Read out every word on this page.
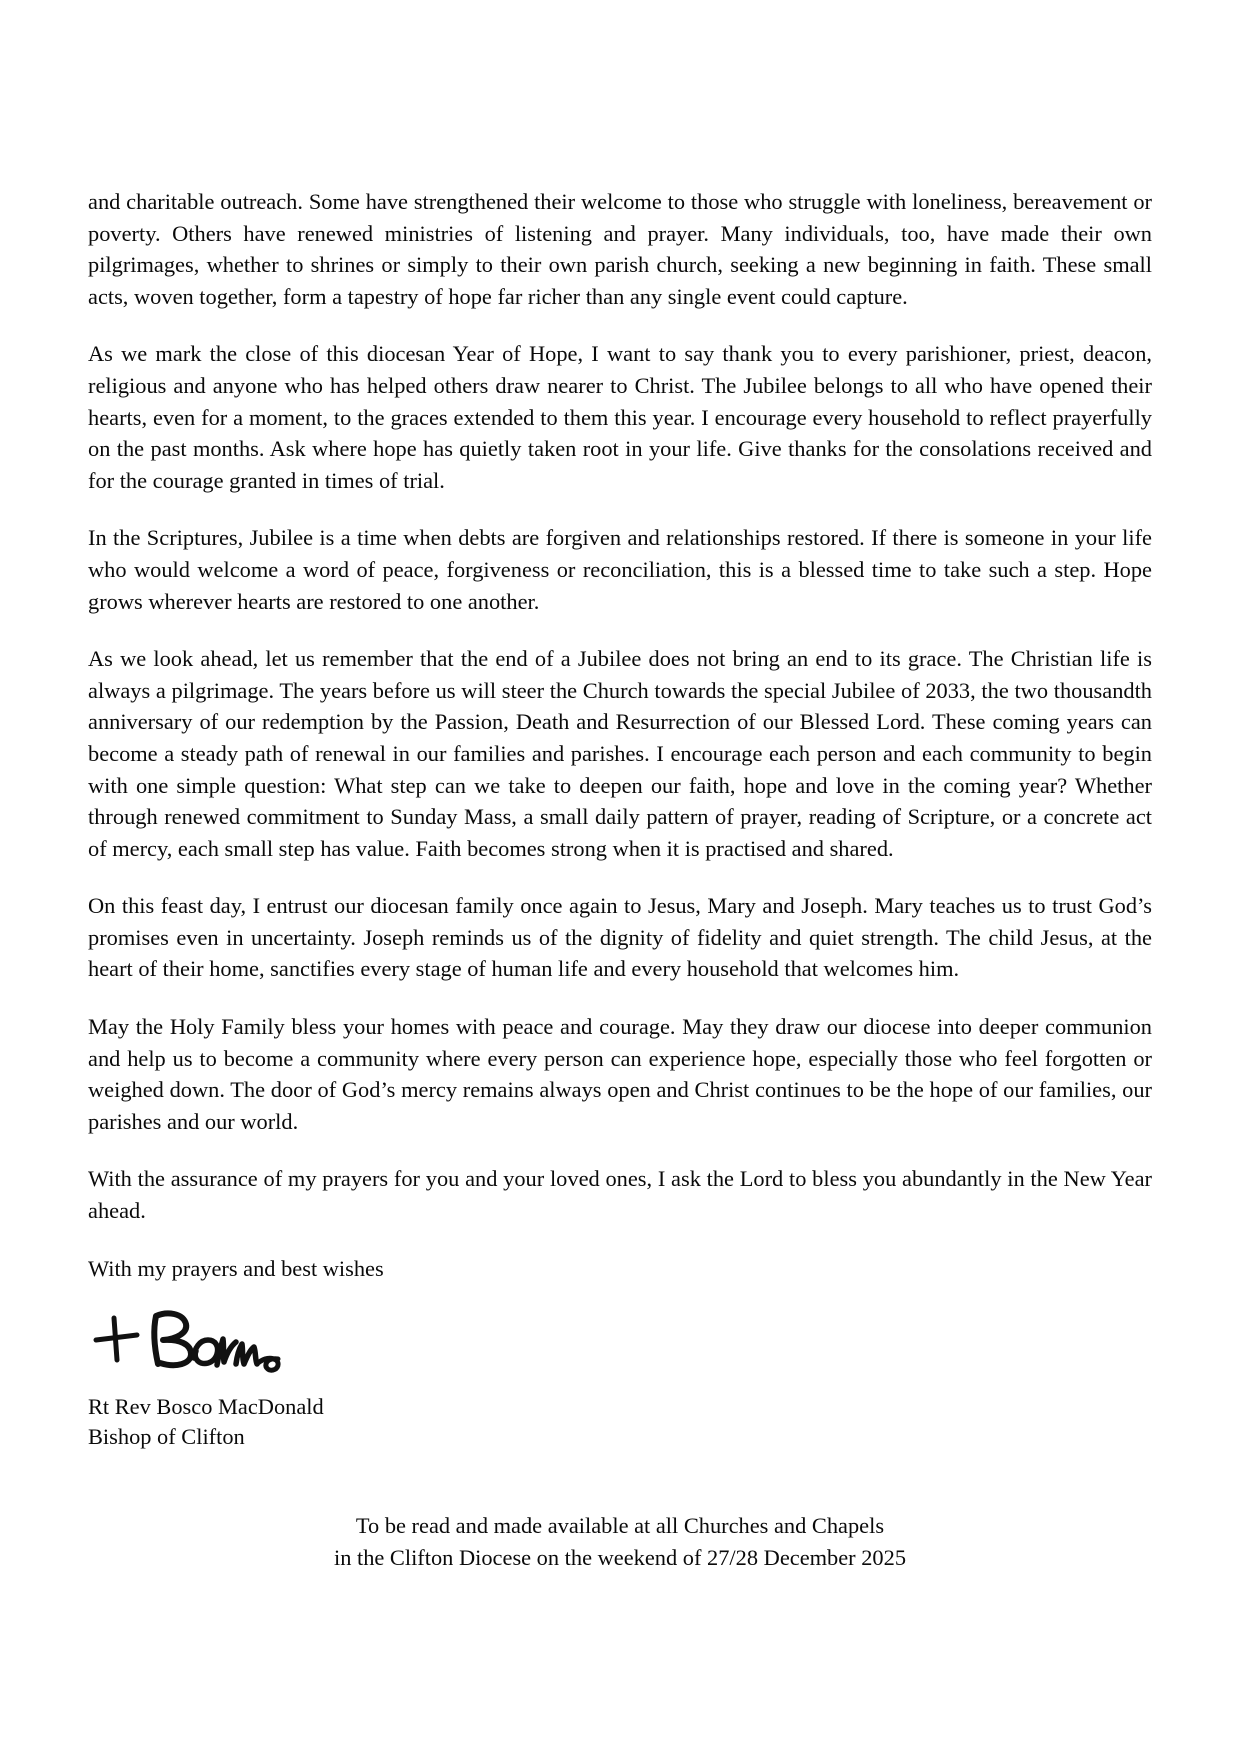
and charitable outreach. Some have strengthened their welcome to those who struggle with loneliness, bereavement or poverty. Others have renewed ministries of listening and prayer. Many individuals, too, have made their own pilgrimages, whether to shrines or simply to their own parish church, seeking a new beginning in faith. These small acts, woven together, form a tapestry of hope far richer than any single event could capture.

As we mark the close of this diocesan Year of Hope, I want to say thank you to every parishioner, priest, deacon, religious and anyone who has helped others draw nearer to Christ. The Jubilee belongs to all who have opened their hearts, even for a moment, to the graces extended to them this year. I encourage every household to reflect prayerfully on the past months. Ask where hope has quietly taken root in your life. Give thanks for the consolations received and for the courage granted in times of trial.

In the Scriptures, Jubilee is a time when debts are forgiven and relationships restored. If there is someone in your life who would welcome a word of peace, forgiveness or reconciliation, this is a blessed time to take such a step. Hope grows wherever hearts are restored to one another.

As we look ahead, let us remember that the end of a Jubilee does not bring an end to its grace. The Christian life is always a pilgrimage. The years before us will steer the Church towards the special Jubilee of 2033, the two thousandth anniversary of our redemption by the Passion, Death and Resurrection of our Blessed Lord. These coming years can become a steady path of renewal in our families and parishes. I encourage each person and each community to begin with one simple question: What step can we take to deepen our faith, hope and love in the coming year? Whether through renewed commitment to Sunday Mass, a small daily pattern of prayer, reading of Scripture, or a concrete act of mercy, each small step has value. Faith becomes strong when it is practised and shared.

On this feast day, I entrust our diocesan family once again to Jesus, Mary and Joseph. Mary teaches us to trust God’s promises even in uncertainty. Joseph reminds us of the dignity of fidelity and quiet strength. The child Jesus, at the heart of their home, sanctifies every stage of human life and every household that welcomes him.

May the Holy Family bless your homes with peace and courage. May they draw our diocese into deeper communion and help us to become a community where every person can experience hope, especially those who feel forgotten or weighed down. The door of God’s mercy remains always open and Christ continues to be the hope of our families, our parishes and our world.

With the assurance of my prayers for you and your loved ones, I ask the Lord to bless you abundantly in the New Year ahead.

With my prayers and best wishes

Rt Rev Bosco MacDonald

Bishop of Clifton

To be read and made available at all Churches and Chapels

in the Clifton Diocese on the weekend of 27/28 December 2025
